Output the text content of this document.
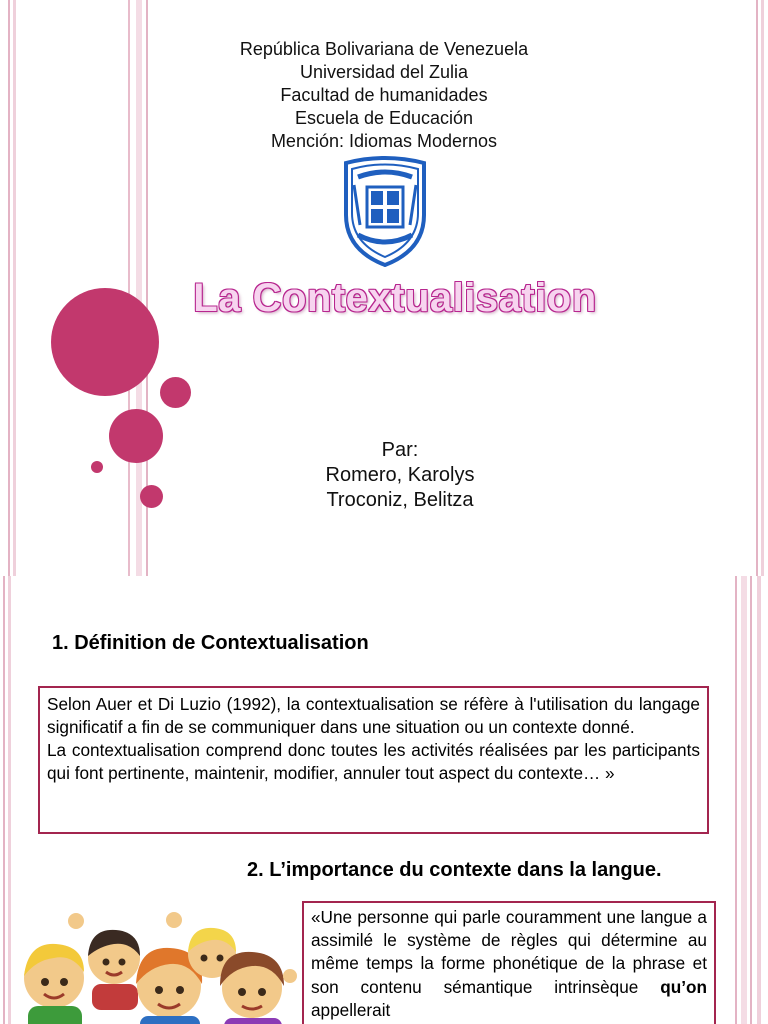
República Bolivariana de Venezuela
Universidad del Zulia
Facultad de humanidades
Escuela de Educación
Mención: Idiomas Modernos
La Contextualisation
Par:
Romero, Karolys
Troconiz, Belitza
1. Définition de Contextualisation

Selon Auer et Di Luzio (1992), la contextualisation se réfère à l'utilisation du langage significatif a fin de se communiquer dans une situation ou un contexte donné.

La contextualisation comprend donc toutes les activités réalisées par les participants qui font pertinente, maintenir, modifier, annuler tout aspect du contexte… »

2. L’importance du contexte dans la langue.

«Une personne qui parle couramment une langue a assimilé le système de règles qui détermine au même temps la forme phonétique de la phrase et son contenu sémantique intrinsèque qu’on appellerait
